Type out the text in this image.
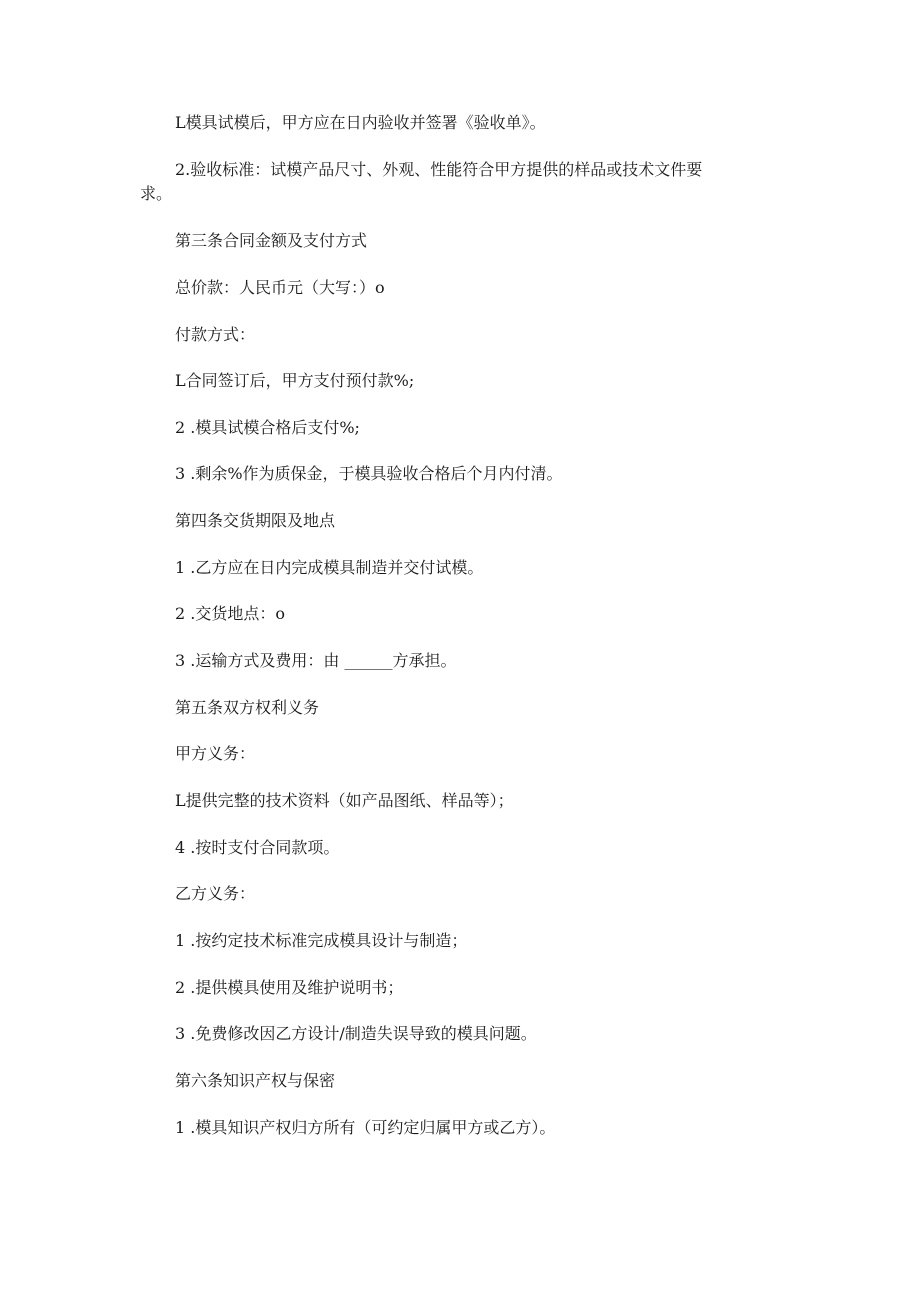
L模具试模后，甲方应在日内验收并签署《验收单》。
2.验收标准：试模产品尺寸、外观、性能符合甲方提供的样品或技术文件要
求。
第三条合同金额及支付方式
总价款：人民币元（大写：）o
付款方式：
L合同签订后，甲方支付预付款%;
2 .模具试模合格后支付%;
3 .剩余%作为质保金，于模具验收合格后个月内付清。
第四条交货期限及地点
1 .乙方应在日内完成模具制造并交付试模。
2 .交货地点：o
3 .运输方式及费用：由 ______方承担。
第五条双方权利义务
甲方义务：
L提供完整的技术资料（如产品图纸、样品等）；
4 .按时支付合同款项。
乙方义务：
1 .按约定技术标准完成模具设计与制造；
2 .提供模具使用及维护说明书；
3 .免费修改因乙方设计/制造失误导致的模具问题。
第六条知识产权与保密
1 .模具知识产权归方所有（可约定归属甲方或乙方）。
